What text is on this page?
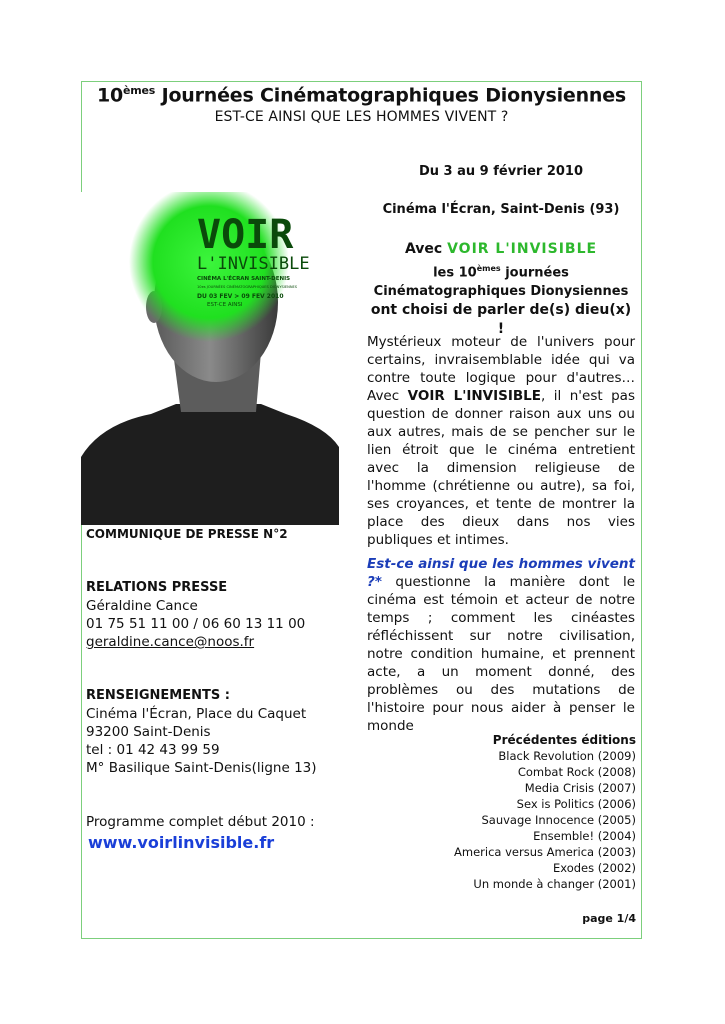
10èmes Journées Cinématographiques Dionysiennes
EST-CE AINSI QUE LES HOMMES VIVENT ?
VOIR
L'INVISIBLE
CINÉMA L'ÉCRAN SAINT-DENIS
10es JOURNÉES CINÉMATOGRAPHIQUES DIONYSIENNES
DU 03 FEV > 09 FEV 2010
EST-CE AINSI
COMMUNIQUE DE PRESSE N°2
RELATIONS PRESSE
Géraldine Cance
01 75 51 11 00 / 06 60 13 11 00
geraldine.cance@noos.fr
RENSEIGNEMENTS :
Cinéma l'Écran, Place du Caquet
93200 Saint-Denis
tel : 01 42 43 99 59
M° Basilique Saint-Denis(ligne 13)
Programme complet début 2010 :
www.voirlinvisible.fr
Du 3 au 9 février 2010
Cinéma l'Écran, Saint-Denis (93)
Avec VOIR L'INVISIBLE
les 10èmes journées
Cinématographiques Dionysiennes
ont choisi de parler de(s) dieu(x) !
Mystérieux moteur de l'univers pour certains, invraisemblable idée qui va contre toute logique pour d'autres… Avec VOIR L'INVISIBLE, il n'est pas question de donner raison aux uns ou aux autres, mais de se pencher sur le lien étroit que le cinéma entretient avec la dimension religieuse de l'homme (chrétienne ou autre), sa foi, ses croyances, et tente de montrer la place des dieux dans nos vies publiques et intimes.
Est-ce ainsi que les hommes vivent ?* questionne la manière dont le cinéma est témoin et acteur de notre temps ; comment les cinéastes réfléchissent sur notre civilisation, notre condition humaine, et prennent acte, a un moment donné, des problèmes ou des mutations de l'histoire pour nous aider à penser le monde
Précédentes éditions
Black Revolution (2009)
Combat Rock (2008)
Media Crisis (2007)
Sex is Politics (2006)
Sauvage Innocence (2005)
Ensemble! (2004)
America versus America (2003)
Exodes (2002)
Un monde à changer (2001)
page 1/4
